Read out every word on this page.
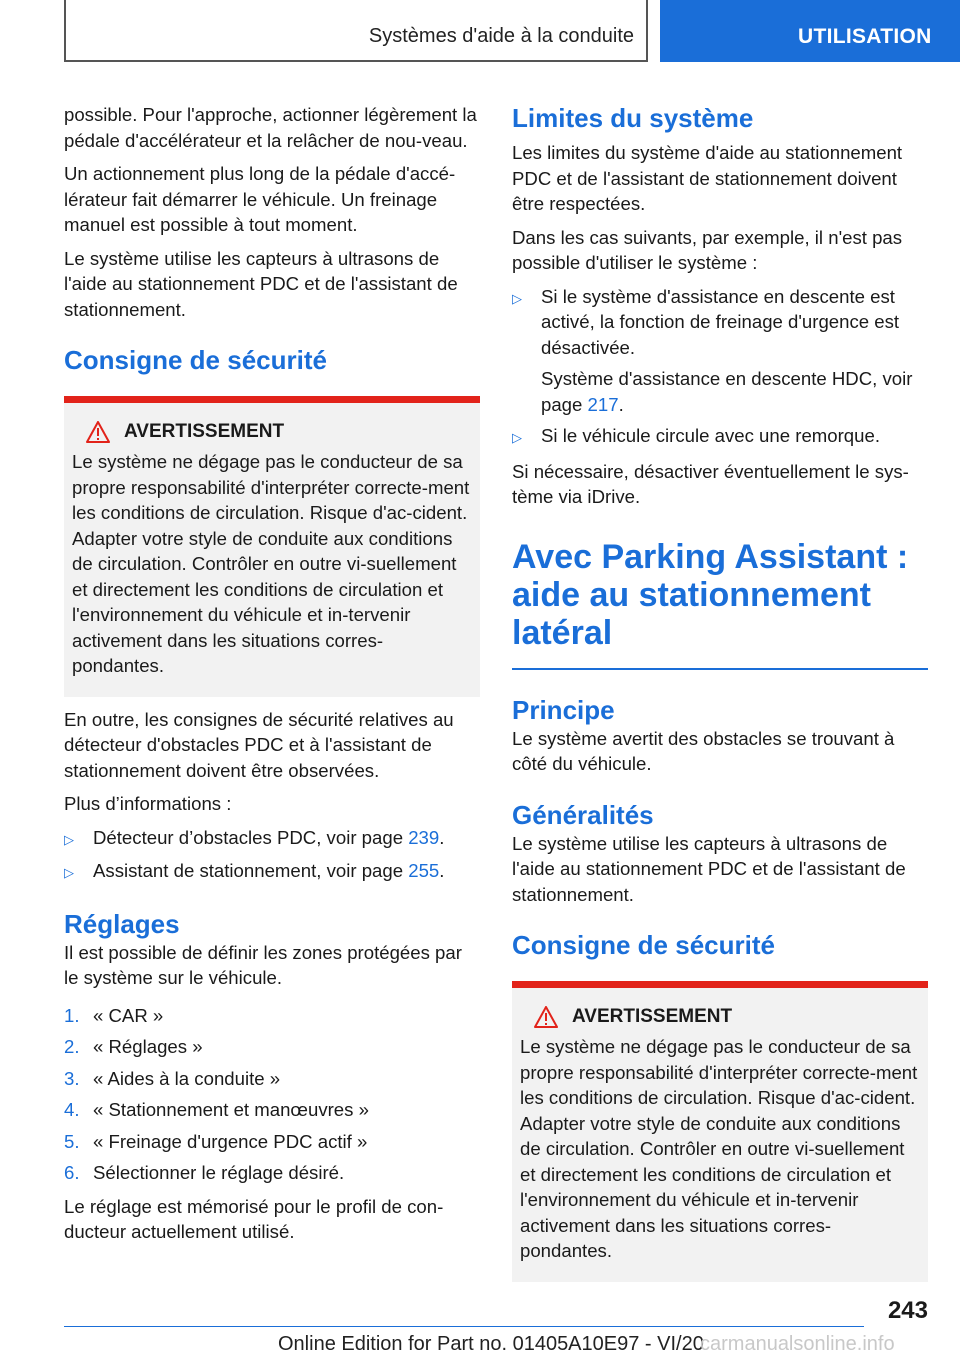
Systèmes d'aide à la conduite	UTILISATION

possible. Pour l'approche, actionner légèrement la pédale d'accélérateur et la relâcher de nou-veau.

Un actionnement plus long de la pédale d'accé-lérateur fait démarrer le véhicule. Un freinage manuel est possible à tout moment.

Le système utilise les capteurs à ultrasons de l'aide au stationnement PDC et de l'assistant de stationnement.

Consigne de sécurité
AVERTISSEMENT

Le système ne dégage pas le conducteur de sa propre responsabilité d'interpréter correcte-ment les conditions de circulation. Risque d'ac-cident. Adapter votre style de conduite aux conditions de circulation. Contrôler en outre vi-suellement et directement les conditions de circulation et l'environnement du véhicule et in-tervenir activement dans les situations corres-pondantes.

En outre, les consignes de sécurité relatives au détecteur d'obstacles PDC et à l'assistant de stationnement doivent être observées.

Plus d’informations :

▷	Détecteur d’obstacles PDC, voir page 239.
▷	Assistant de stationnement, voir page 255.
Réglages

Il est possible de définir les zones protégées par le système sur le véhicule.

1. « CAR »
2. « Réglages »
3. « Aides à la conduite »
4. « Stationnement et manœuvres »
5. « Freinage d'urgence PDC actif »
6. Sélectionner le réglage désiré.

Le réglage est mémorisé pour le profil de con-ducteur actuellement utilisé.

Limites du système

Les limites du système d'aide au stationnement PDC et de l'assistant de stationnement doivent être respectées.

Dans les cas suivants, par exemple, il n'est pas possible d'utiliser le système :

▷	Si le système d'assistance en descente est activé, la fonction de freinage d'urgence est désactivée.
Système d'assistance en descente HDC, voir page 217.
▷	Si le véhicule circule avec une remorque.

Si nécessaire, désactiver éventuellement le sys-tème via iDrive.

Avec Parking Assistant : aide au stationnement latéral
Principe

Le système avertit des obstacles se trouvant à côté du véhicule.

Généralités

Le système utilise les capteurs à ultrasons de l'aide au stationnement PDC et de l'assistant de stationnement.

Consigne de sécurité
AVERTISSEMENT

Le système ne dégage pas le conducteur de sa propre responsabilité d'interpréter correcte-ment les conditions de circulation. Risque d'ac-cident. Adapter votre style de conduite aux conditions de circulation. Contrôler en outre vi-suellement et directement les conditions de circulation et l'environnement du véhicule et in-tervenir activement dans les situations corres-pondantes.

243
Online Edition for Part no. 01405A10E97 - VI/20
carmanualsonline.info
